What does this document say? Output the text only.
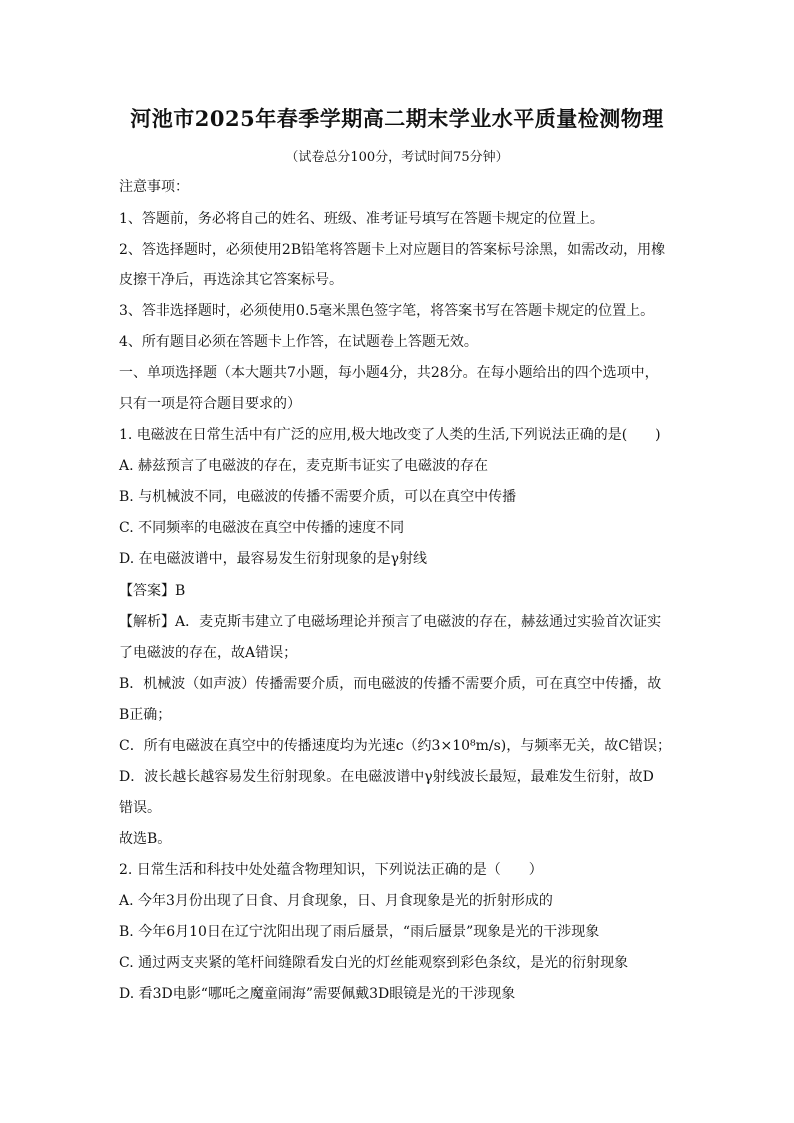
河池市2025年春季学期高二期末学业水平质量检测物理
（试卷总分100分，考试时间75分钟）
注意事项：
1、答题前，务必将自己的姓名、班级、准考证号填写在答题卡规定的位置上。
2、答选择题时，必须使用2B铅笔将答题卡上对应题目的答案标号涂黑，如需改动，用橡
皮擦干净后，再选涂其它答案标号。
3、答非选择题时，必须使用0.5毫米黑色签字笔，将答案书写在答题卡规定的位置上。
4、所有题目必须在答题卡上作答，在试题卷上答题无效。
一、单项选择题（本大题共7小题，每小题4分，共28分。在每小题给出的四个选项中，
只有一项是符合题目要求的）
1. 电磁波在日常生活中有广泛的应用,极大地改变了人类的生活,下列说法正确的是(　　)
A. 赫兹预言了电磁波的存在，麦克斯韦证实了电磁波的存在
B. 与机械波不同，电磁波的传播不需要介质，可以在真空中传播
C. 不同频率的电磁波在真空中传播的速度不同
D. 在电磁波谱中，最容易发生衍射现象的是γ射线
【答案】B
【解析】A．麦克斯韦建立了电磁场理论并预言了电磁波的存在，赫兹通过实验首次证实
了电磁波的存在，故A错误；
B．机械波（如声波）传播需要介质，而电磁波的传播不需要介质，可在真空中传播，故
B正确；
C．所有电磁波在真空中的传播速度均为光速c（约3×10⁸m/s)，与频率无关，故C错误；
D．波长越长越容易发生衍射现象。在电磁波谱中γ射线波长最短，最难发生衍射，故D
错误。
故选B。
2. 日常生活和科技中处处蕴含物理知识，下列说法正确的是（　　）
A. 今年3月份出现了日食、月食现象，日、月食现象是光的折射形成的
B. 今年6月10日在辽宁沈阳出现了雨后蜃景，“雨后蜃景”现象是光的干涉现象
C. 通过两支夹紧的笔杆间缝隙看发白光的灯丝能观察到彩色条纹，是光的衍射现象
D. 看3D电影“哪吒之魔童闹海”需要佩戴3D眼镜是光的干涉现象
